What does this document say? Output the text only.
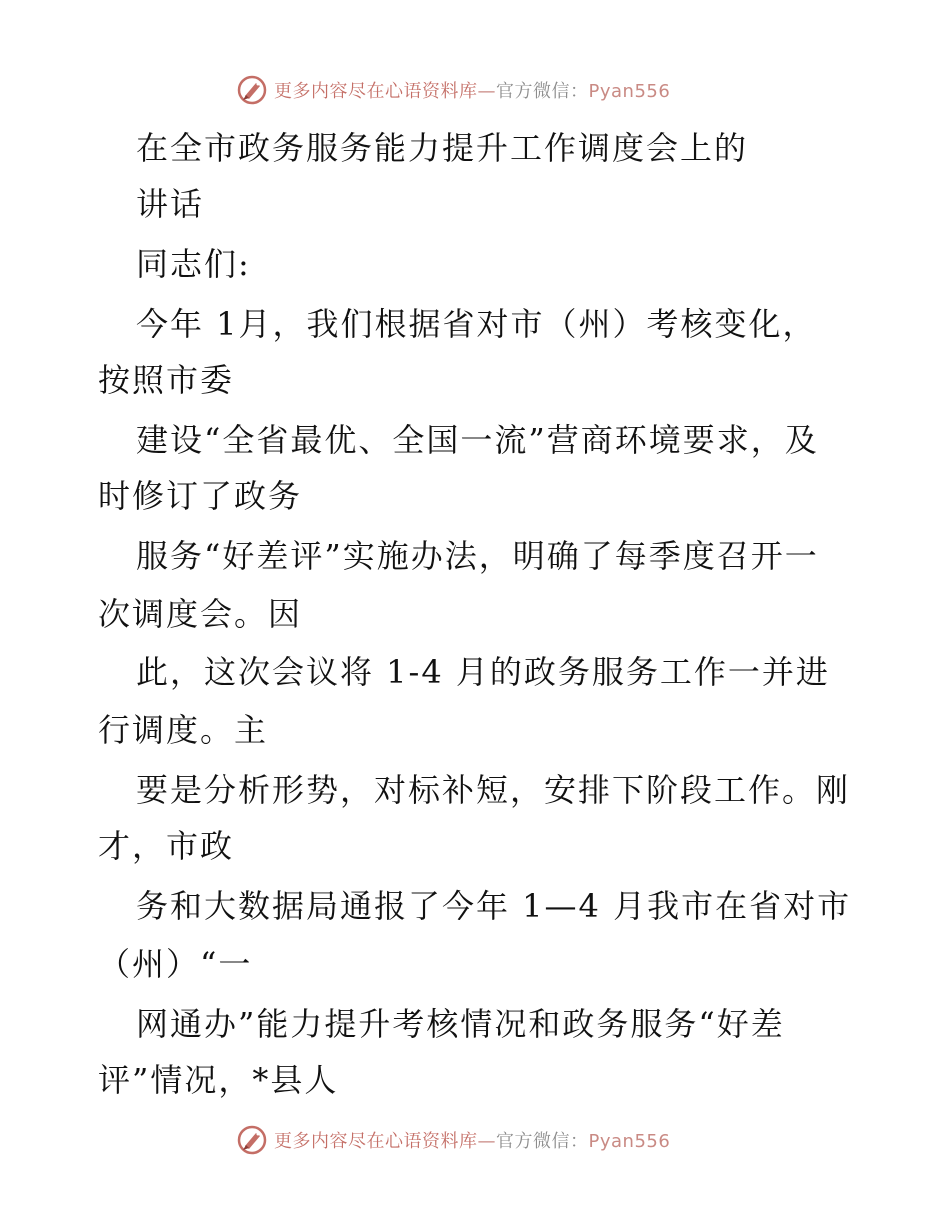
更多内容尽在心语资料库—官方微信：Pyan556
在全市政务服务能力提升工作调度会上的
讲话
同志们:
今年 1月，我们根据省对市（州）考核变化，
按照市委
建设“全省最优、全国一流”营商环境要求，及
时修订了政务
服务“好差评”实施办法，明确了每季度召开一
次调度会。因
此，这次会议将 1-4 月的政务服务工作一并进
行调度。主
要是分析形势，对标补短，安排下阶段工作。刚
才，市政
务和大数据局通报了今年 1—4 月我市在省对市
（州）“一
网通办”能力提升考核情况和政务服务“好差
评”情况，*县人
更多内容尽在心语资料库—官方微信：Pyan556
